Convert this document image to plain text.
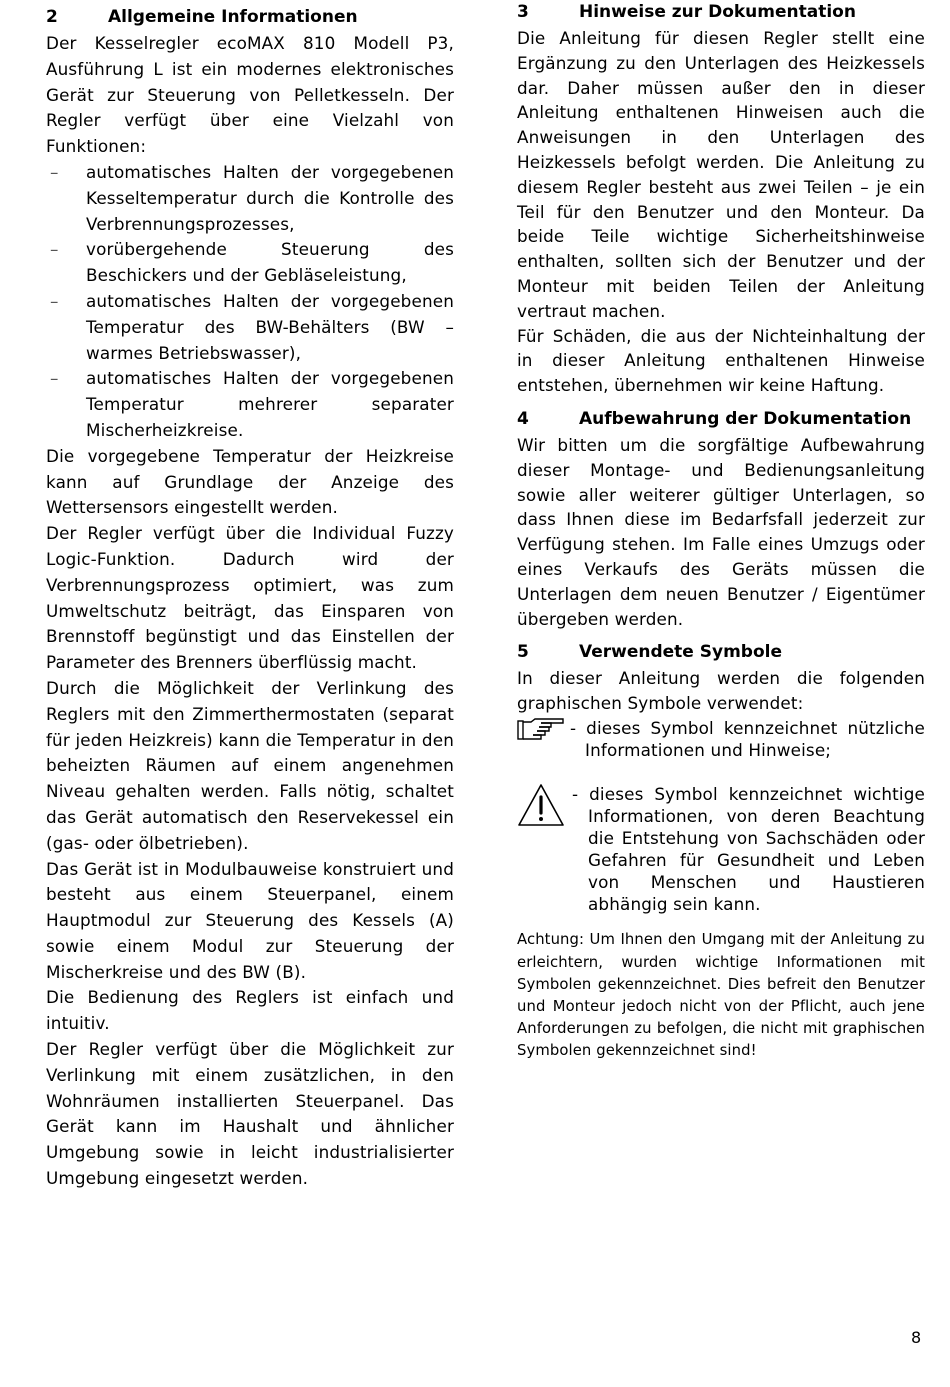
2	Allgemeine Informationen
Der Kesselregler ecoMAX 810 Modell P3, Ausführung L ist ein modernes elektronisches Gerät zur Steuerung von Pelletkesseln. Der Regler verfügt über eine Vielzahl von Funktionen:
– automatisches Halten der vorgegebenen Kesseltemperatur durch die Kontrolle des Verbrennungsprozesses,
– vorübergehende Steuerung des Beschickers und der Gebläseleistung,
– automatisches Halten der vorgegebenen Temperatur des BW-Behälters (BW – warmes Betriebswasser),
– automatisches Halten der vorgegebenen Temperatur mehrerer separater Mischerheizkreise.
Die vorgegebene Temperatur der Heizkreise kann auf Grundlage der Anzeige des Wettersensors eingestellt werden.
Der Regler verfügt über die Individual Fuzzy Logic-Funktion. Dadurch wird der Verbrennungsprozess optimiert, was zum Umweltschutz beiträgt, das Einsparen von Brennstoff begünstigt und das Einstellen der Parameter des Brenners überflüssig macht.
Durch die Möglichkeit der Verlinkung des Reglers mit den Zimmerthermostaten (separat für jeden Heizkreis) kann die Temperatur in den beheizten Räumen auf einem angenehmen Niveau gehalten werden. Falls nötig, schaltet das Gerät automatisch den Reservekessel ein (gas- oder ölbetrieben).
Das Gerät ist in Modulbauweise konstruiert und besteht aus einem Steuerpanel, einem Hauptmodul zur Steuerung des Kessels (A) sowie einem Modul zur Steuerung der Mischerkreise und des BW (B).
Die Bedienung des Reglers ist einfach und intuitiv.
Der Regler verfügt über die Möglichkeit zur Verlinkung mit einem zusätzlichen, in den Wohnräumen installierten Steuerpanel. Das Gerät kann im Haushalt und ähnlicher Umgebung sowie in leicht industrialisierter Umgebung eingesetzt werden.
3	Hinweise zur Dokumentation
Die Anleitung für diesen Regler stellt eine Ergänzung zu den Unterlagen des Heizkessels dar. Daher müssen außer den in dieser Anleitung enthaltenen Hinweisen auch die Anweisungen in den Unterlagen des Heizkessels befolgt werden. Die Anleitung zu diesem Regler besteht aus zwei Teilen – je ein Teil für den Benutzer und den Monteur. Da beide Teile wichtige Sicherheitshinweise enthalten, sollten sich der Benutzer und der Monteur mit beiden Teilen der Anleitung vertraut machen.
Für Schäden, die aus der Nichteinhaltung der in dieser Anleitung enthaltenen Hinweise entstehen, übernehmen wir keine Haftung.
4	Aufbewahrung der Dokumentation
Wir bitten um die sorgfältige Aufbewahrung dieser Montage- und Bedienungsanleitung sowie aller weiterer gültiger Unterlagen, so dass Ihnen diese im Bedarfsfall jederzeit zur Verfügung stehen. Im Falle eines Umzugs oder eines Verkaufs des Geräts müssen die Unterlagen dem neuen Benutzer / Eigentümer übergeben werden.
5	Verwendete Symbole
In dieser Anleitung werden die folgenden graphischen Symbole verwendet:
- dieses Symbol kennzeichnet nützliche Informationen und Hinweise;
- dieses Symbol kennzeichnet wichtige Informationen, von deren Beachtung die Entstehung von Sachschäden oder Gefahren für Gesundheit und Leben von Menschen und Haustieren abhängig sein kann.
Achtung: Um Ihnen den Umgang mit der Anleitung zu erleichtern, wurden wichtige Informationen mit Symbolen gekennzeichnet. Dies befreit den Benutzer und Monteur jedoch nicht von der Pflicht, auch jene Anforderungen zu befolgen, die nicht mit graphischen Symbolen gekennzeichnet sind!
8
